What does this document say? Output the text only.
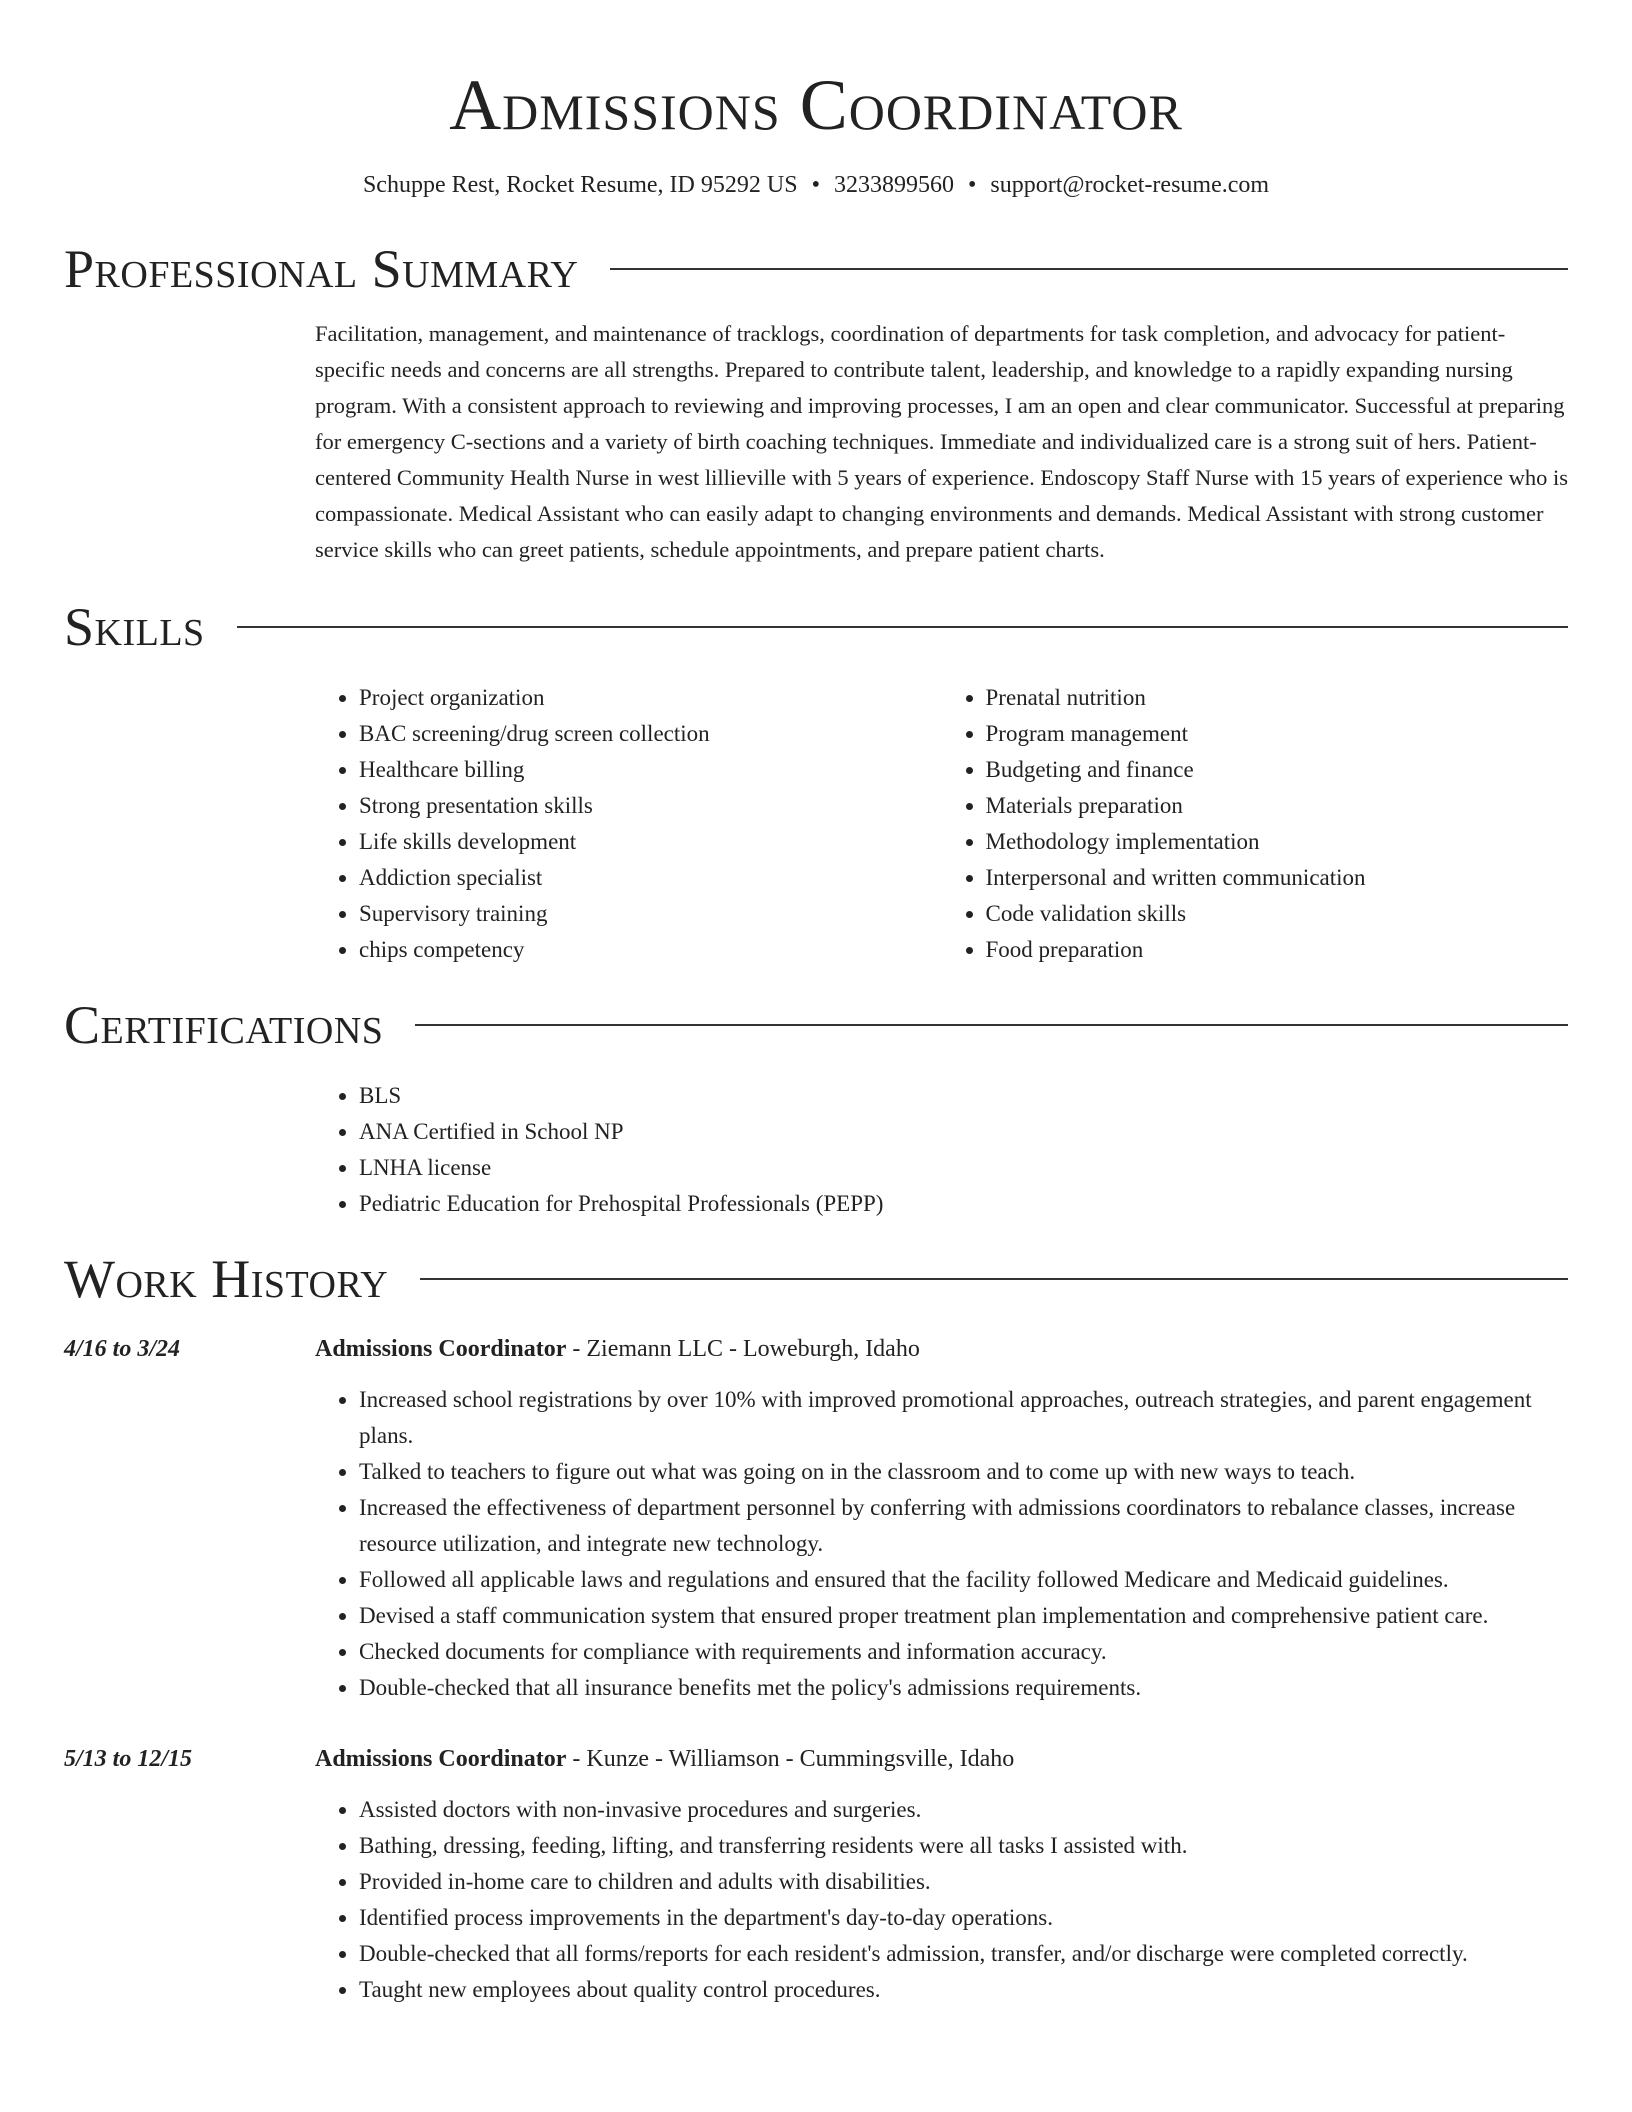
Admissions Coordinator
Schuppe Rest, Rocket Resume, ID 95292 US • 3233899560 • support@rocket-resume.com
Professional Summary

Facilitation, management, and maintenance of tracklogs, coordination of departments for task completion, and advocacy for patient-specific needs and concerns are all strengths. Prepared to contribute talent, leadership, and knowledge to a rapidly expanding nursing program. With a consistent approach to reviewing and improving processes, I am an open and clear communicator. Successful at preparing for emergency C-sections and a variety of birth coaching techniques. Immediate and individualized care is a strong suit of hers. Patient-centered Community Health Nurse in west lillieville with 5 years of experience. Endoscopy Staff Nurse with 15 years of experience who is compassionate. Medical Assistant who can easily adapt to changing environments and demands. Medical Assistant with strong customer service skills who can greet patients, schedule appointments, and prepare patient charts.

Skills
• Project organization
• BAC screening/drug screen collection
• Healthcare billing
• Strong presentation skills
• Life skills development
• Addiction specialist
• Supervisory training
• chips competency
• Prenatal nutrition
• Program management
• Budgeting and finance
• Materials preparation
• Methodology implementation
• Interpersonal and written communication
• Code validation skills
• Food preparation
Certifications
• BLS
• ANA Certified in School NP
• LNHA license
• Pediatric Education for Prehospital Professionals (PEPP)
Work History
4/16 to 3/24	Admissions Coordinator - Ziemann LLC - Loweburgh, Idaho
• Increased school registrations by over 10% with improved promotional approaches, outreach strategies, and parent engagement plans.
• Talked to teachers to figure out what was going on in the classroom and to come up with new ways to teach.
• Increased the effectiveness of department personnel by conferring with admissions coordinators to rebalance classes, increase resource utilization, and integrate new technology.
• Followed all applicable laws and regulations and ensured that the facility followed Medicare and Medicaid guidelines.
• Devised a staff communication system that ensured proper treatment plan implementation and comprehensive patient care.
• Checked documents for compliance with requirements and information accuracy.
• Double-checked that all insurance benefits met the policy's admissions requirements.
5/13 to 12/15	Admissions Coordinator - Kunze - Williamson - Cummingsville, Idaho
• Assisted doctors with non-invasive procedures and surgeries.
• Bathing, dressing, feeding, lifting, and transferring residents were all tasks I assisted with.
• Provided in-home care to children and adults with disabilities.
• Identified process improvements in the department's day-to-day operations.
• Double-checked that all forms/reports for each resident's admission, transfer, and/or discharge were completed correctly.
• Taught new employees about quality control procedures.
